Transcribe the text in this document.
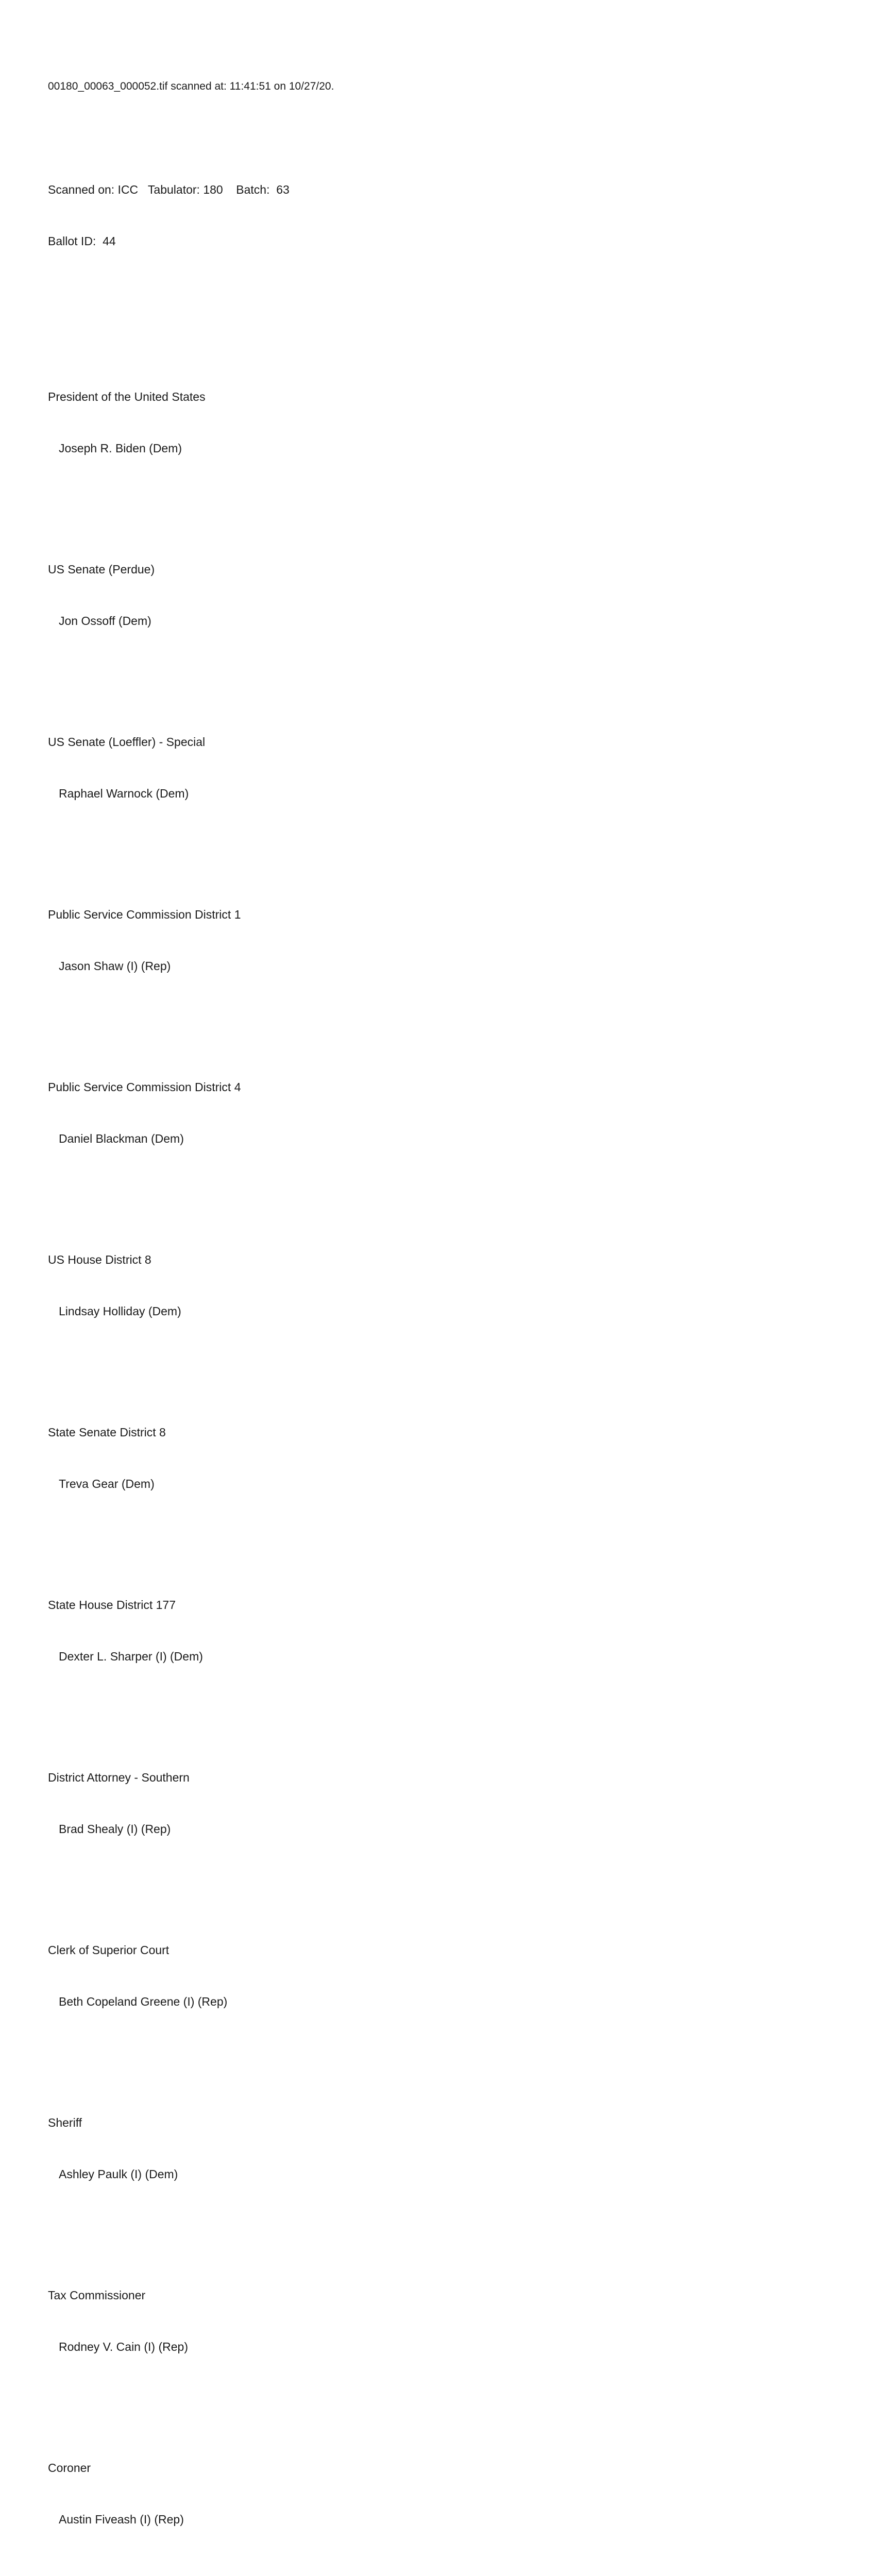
00180_00063_000052.tif scanned at: 11:41:51 on 10/27/20.

Scanned on: ICC   Tabulator: 180    Batch:  63

Ballot ID:  44

President of the United States

Joseph R. Biden (Dem)

US Senate (Perdue)

Jon Ossoff (Dem)

US Senate (Loeffler) - Special

Raphael Warnock (Dem)

Public Service Commission District 1

Jason Shaw (I) (Rep)

Public Service Commission District 4

Daniel Blackman (Dem)

US House District 8

Lindsay Holliday (Dem)

State Senate District 8

Treva Gear (Dem)

State House District 177

Dexter L. Sharper (I) (Dem)

District Attorney - Southern

Brad Shealy (I) (Rep)

Clerk of Superior Court

Beth Copeland Greene (I) (Rep)

Sheriff

Ashley Paulk (I) (Dem)

Tax Commissioner

Rodney V. Cain (I) (Rep)

Coroner

Austin Fiveash (I) (Rep)
